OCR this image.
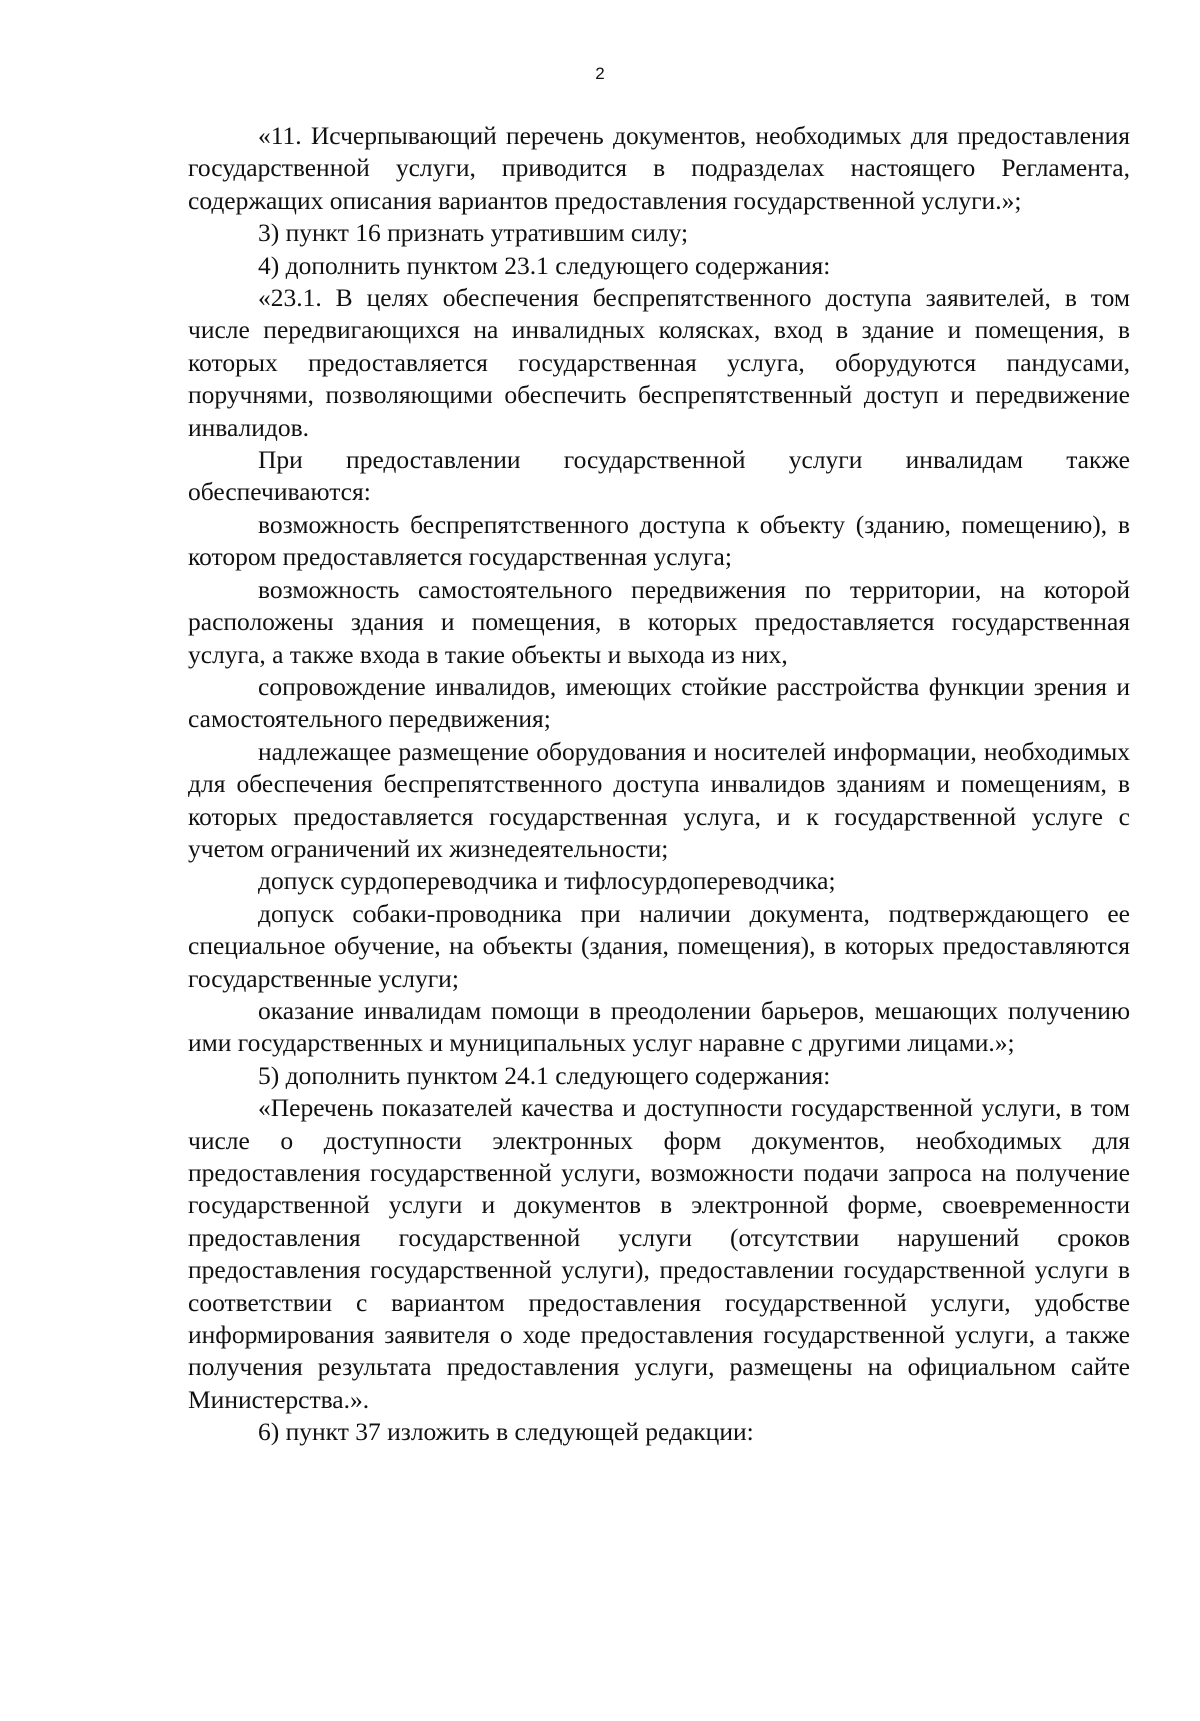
2

«11. Исчерпывающий перечень документов, необходимых для предоставления государственной услуги, приводится в подразделах настоящего Регламента, содержащих описания вариантов предоставления государственной услуги.»;

3) пункт 16 признать утратившим силу;

4) дополнить пунктом 23.1 следующего содержания:

«23.1. В целях обеспечения беспрепятственного доступа заявителей, в том числе передвигающихся на инвалидных колясках, вход в здание и помещения, в которых предоставляется государственная услуга, оборудуются пандусами, поручнями, позволяющими обеспечить беспрепятственный доступ и передвижение инвалидов.

При предоставлении государственной услуги инвалидам также обеспечиваются:

возможность беспрепятственного доступа к объекту (зданию, помещению), в котором предоставляется государственная услуга;

возможность самостоятельного передвижения по территории, на которой расположены здания и помещения, в которых предоставляется государственная услуга, а также входа в такие объекты и выхода из них,

сопровождение инвалидов, имеющих стойкие расстройства функции зрения и самостоятельного передвижения;

надлежащее размещение оборудования и носителей информации, необходимых для обеспечения беспрепятственного доступа инвалидов зданиям и помещениям, в которых предоставляется государственная услуга, и к государственной услуге с учетом ограничений их жизнедеятельности;

допуск сурдопереводчика и тифлосурдопереводчика;

допуск собаки-проводника при наличии документа, подтверждающего ее специальное обучение, на объекты (здания, помещения), в которых предоставляются государственные услуги;

оказание инвалидам помощи в преодолении барьеров, мешающих получению ими государственных и муниципальных услуг наравне с другими лицами.»;

5) дополнить пунктом 24.1 следующего содержания:

«Перечень показателей качества и доступности государственной услуги, в том числе о доступности электронных форм документов, необходимых для предоставления государственной услуги, возможности подачи запроса на получение государственной услуги и документов в электронной форме, своевременности предоставления государственной услуги (отсутствии нарушений сроков предоставления государственной услуги), предоставлении государственной услуги в соответствии с вариантом предоставления государственной услуги, удобстве информирования заявителя о ходе предоставления государственной услуги, а также получения результата предоставления услуги, размещены на официальном сайте Министерства.».

6) пункт 37 изложить в следующей редакции:
